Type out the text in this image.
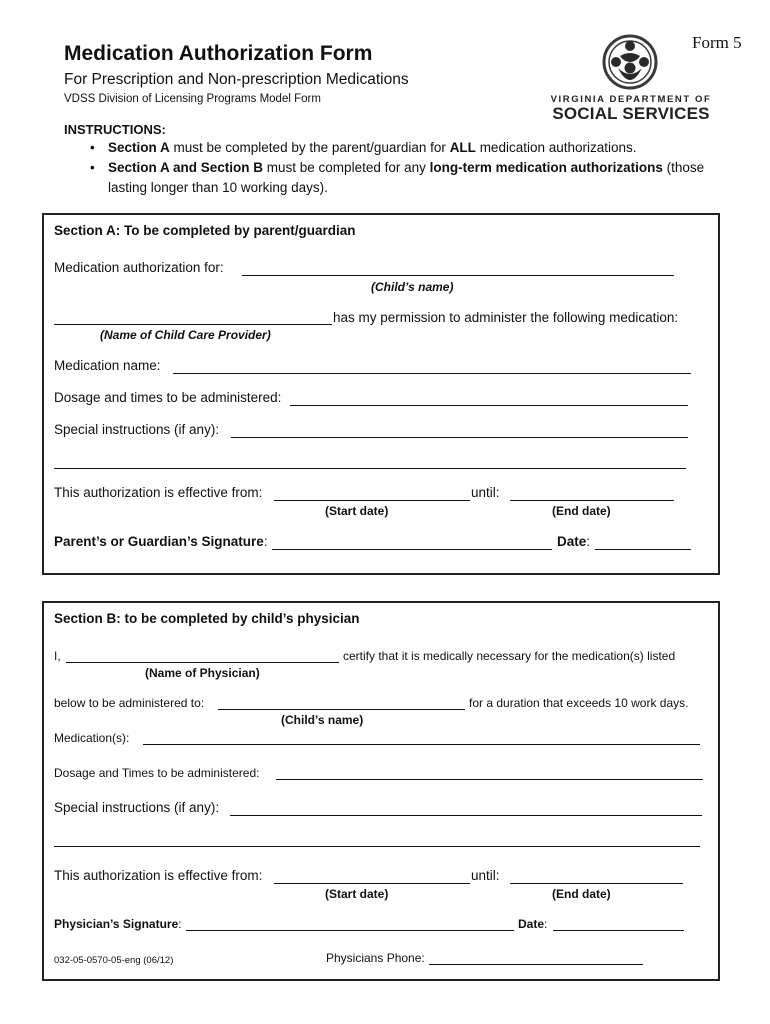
Form 5
Medication Authorization Form
For Prescription and Non-prescription Medications
VDSS Division of Licensing Programs Model Form	VIRGINIA DEPARTMENT OF
SOCIAL SERVICES
INSTRUCTIONS:
• Section A must be completed by the parent/guardian for ALL medication authorizations.
• Section A and Section B must be completed for any long-term medication authorizations (those
lasting longer than 10 working days).
Section A: To be completed by parent/guardian
Medication authorization for:
(Child’s name)
has my permission to administer the following medication:
(Name of Child Care Provider)
Medication name:
Dosage and times to be administered:
Special instructions (if any):
This authorization is effective from:	until:
(Start date)	(End date)
Parent’s or Guardian’s Signature:	Date:
Section B: to be completed by child’s physician
I,	certify that it is medically necessary for the medication(s) listed
(Name of Physician)
below to be administered to:	for a duration that exceeds 10 work days.
(Child’s name)
Medication(s):
Dosage and Times to be administered:
Special instructions (if any):
This authorization is effective from:	until:
(Start date)	(End date)
Physician’s Signature:	Date:
032-05-0570-05-eng (06/12)	Physicians Phone:
